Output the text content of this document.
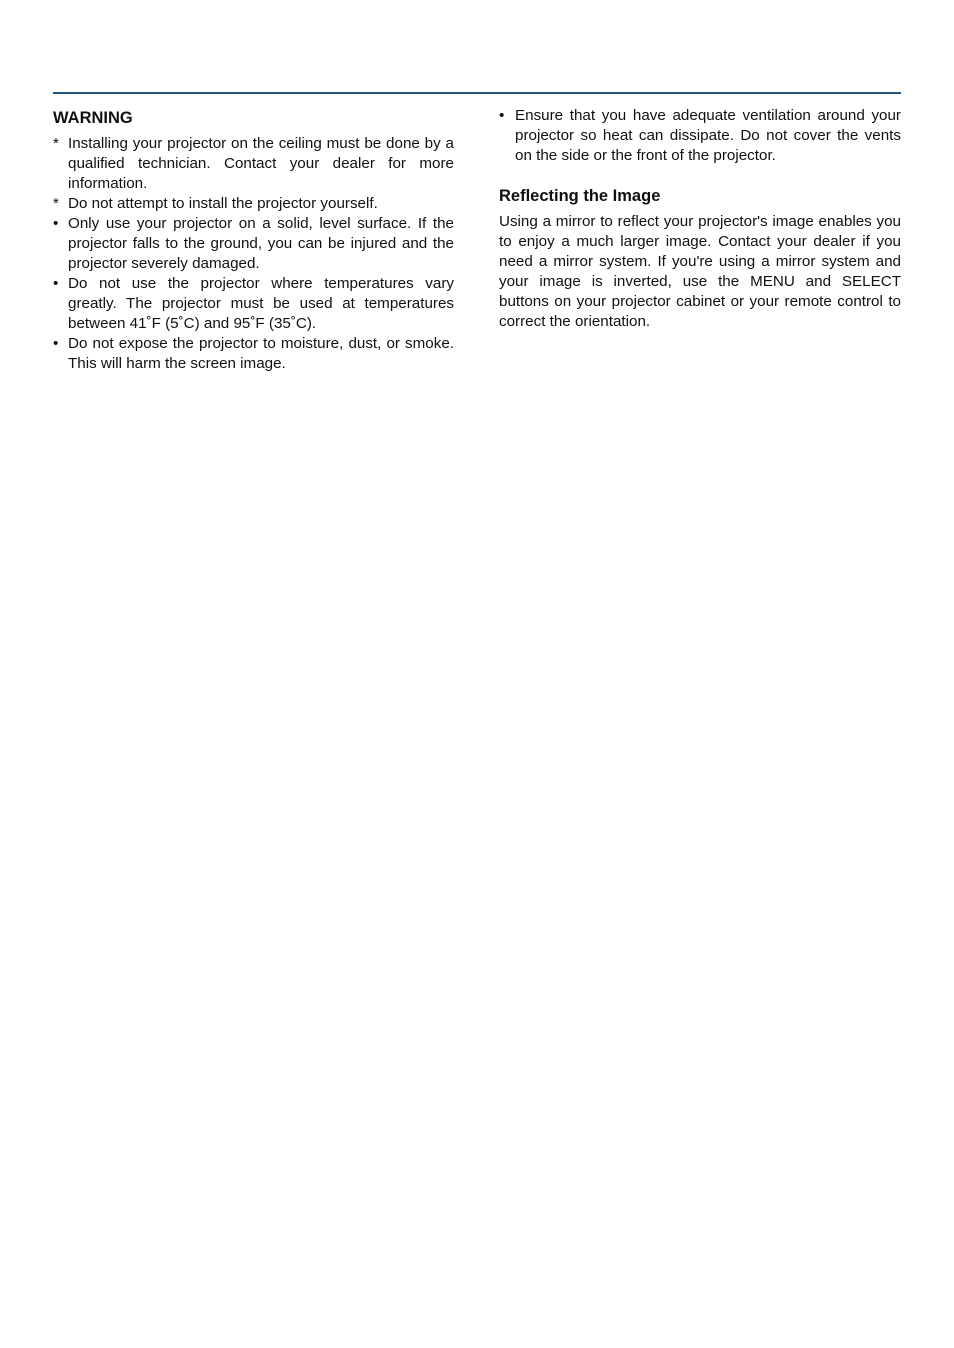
WARNING
* Installing your projector on the ceiling must be done by a qualified technician. Contact your dealer for more information.
* Do not attempt to install the projector yourself.
• Only use your projector on a solid, level surface. If the projector falls to the ground, you can be injured and the projector severely damaged.
• Do not use the projector where temperatures vary greatly. The projector must be used at temperatures between 41˚F (5˚C) and 95˚F (35˚C).
• Do not expose the projector to moisture, dust, or smoke. This will harm the screen image.
• Ensure that you have adequate ventilation around your projector so heat can dissipate. Do not cover the vents on the side or the front of the projector.
Reflecting the Image

Using a mirror to reflect your projector's image enables you to enjoy a much larger image. Contact your dealer if you need a mirror system. If you're using a mirror system and your image is inverted, use the MENU and SELECT buttons on your projector cabinet or your remote control to correct the orientation.
